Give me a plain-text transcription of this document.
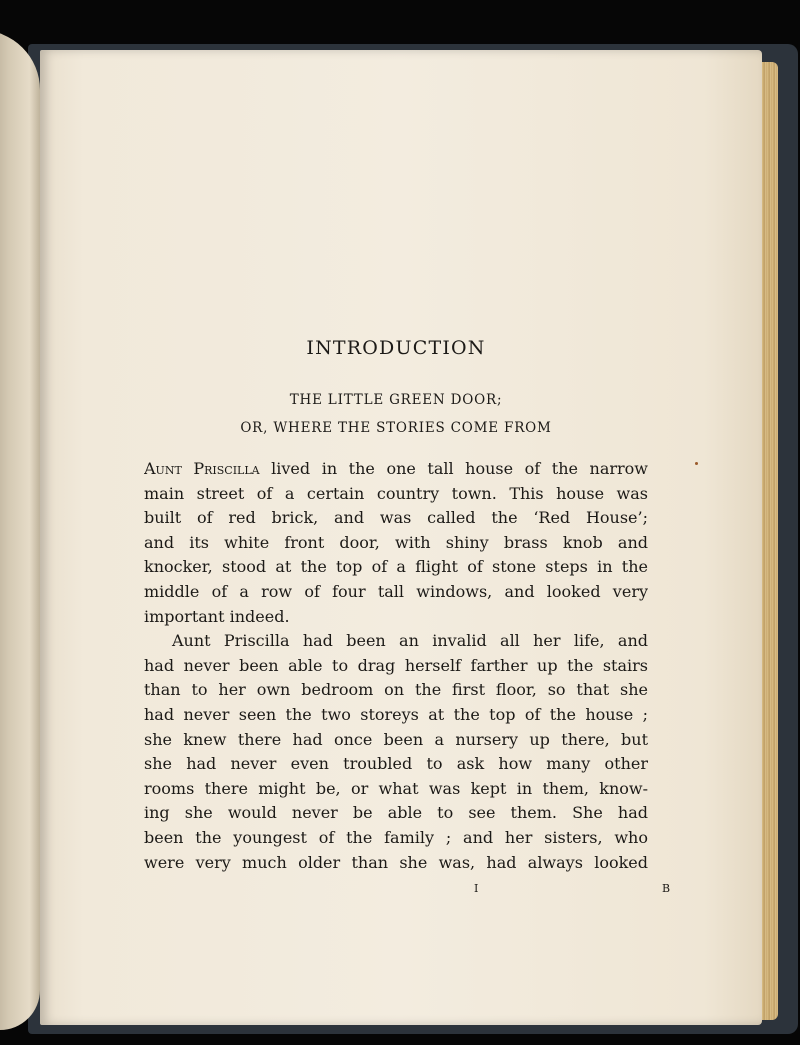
INTRODUCTION
THE LITTLE GREEN DOOR;
OR, WHERE THE STORIES COME FROM
Aunt Priscilla lived in the one tall house of the narrow
main street of a certain country town. This house was
built of red brick, and was called the ‘Red House’;
and its white front door, with shiny brass knob and
knocker, stood at the top of a flight of stone steps in the
middle of a row of four tall windows, and looked very
important indeed.
Aunt Priscilla had been an invalid all her life, and
had never been able to drag herself farther up the stairs
than to her own bedroom on the first floor, so that she
had never seen the two storeys at the top of the house ;
she knew there had once been a nursery up there, but
she had never even troubled to ask how many other
rooms there might be, or what was kept in them, know-
ing she would never be able to see them. She had
been the youngest of the family ; and her sisters, who
were very much older than she was, had always looked
I	B
